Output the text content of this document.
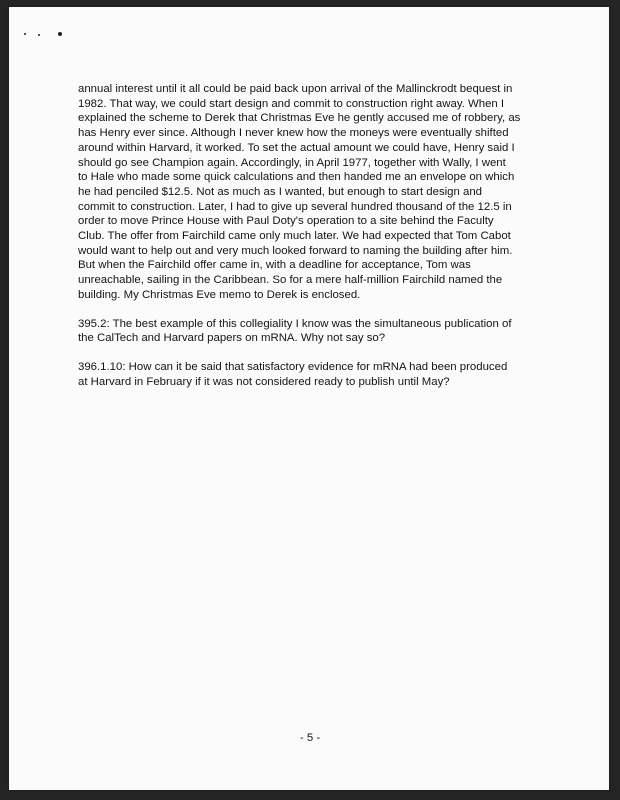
annual interest until it all could be paid back upon arrival of the Mallinckrodt bequest in
1982. That way, we could start design and commit to construction right away. When I
explained the scheme to Derek that Christmas Eve he gently accused me of robbery, as
has Henry ever since. Although I never knew how the moneys were eventually shifted
around within Harvard, it worked. To set the actual amount we could have, Henry said I
should go see Champion again. Accordingly, in April 1977, together with Wally, I went
to Hale who made some quick calculations and then handed me an envelope on which
he had penciled $12.5. Not as much as I wanted, but enough to start design and
commit to construction. Later, I had to give up several hundred thousand of the 12.5 in
order to move Prince House with Paul Doty's operation to a site behind the Faculty
Club. The offer from Fairchild came only much later. We had expected that Tom Cabot
would want to help out and very much looked forward to naming the building after him.
But when the Fairchild offer came in, with a deadline for acceptance, Tom was
unreachable, sailing in the Caribbean. So for a mere half-million Fairchild named the
building. My Christmas Eve memo to Derek is enclosed.

395.2: The best example of this collegiality I know was the simultaneous publication of
the CalTech and Harvard papers on mRNA. Why not say so?

396.1.10: How can it be said that satisfactory evidence for mRNA had been produced
at Harvard in February if it was not considered ready to publish until May?

- 5 -
